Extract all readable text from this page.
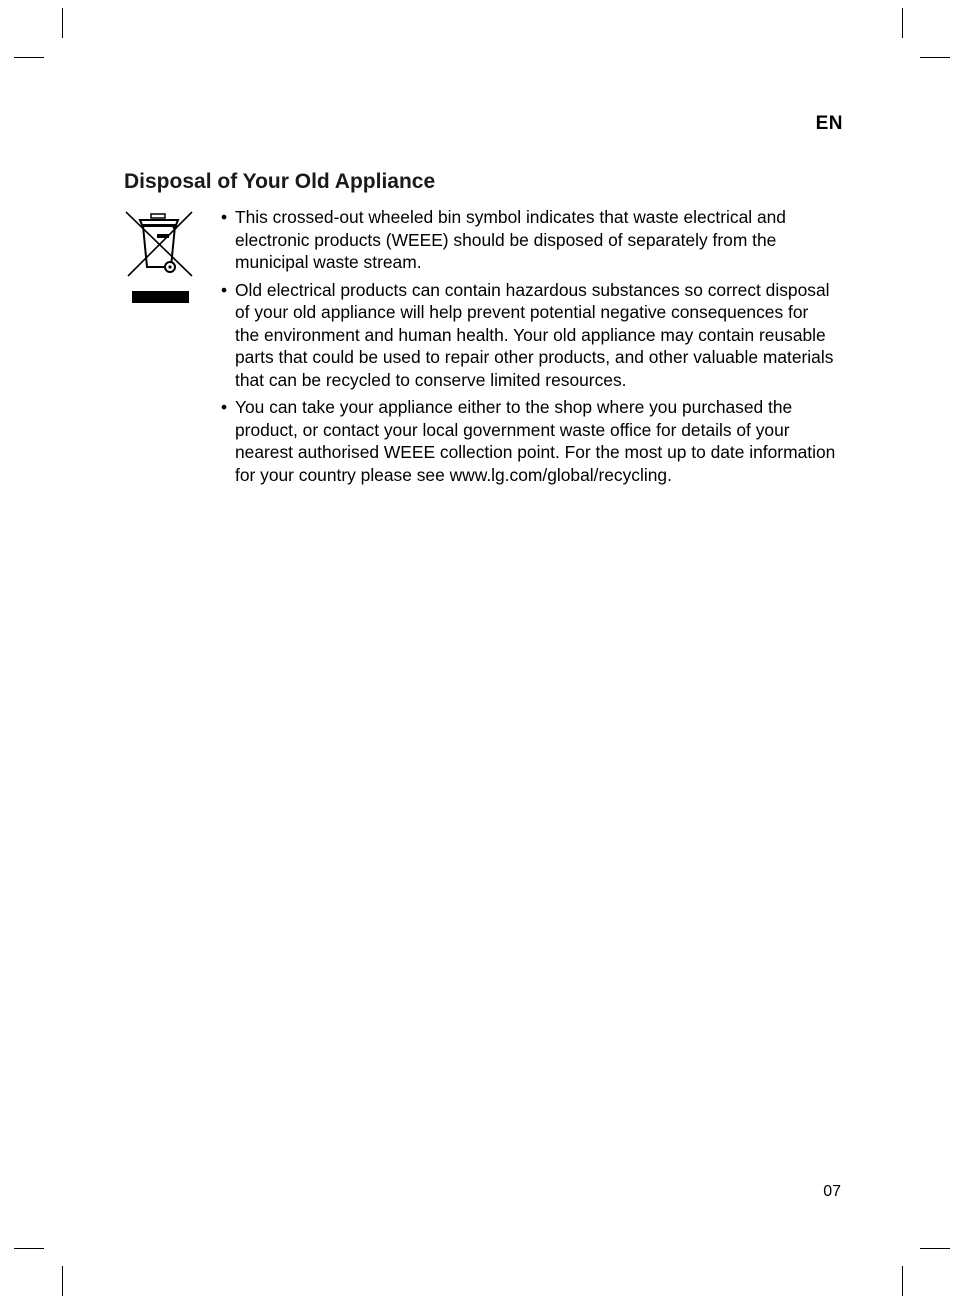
EN
Disposal of Your Old Appliance
• This crossed-out wheeled bin symbol indicates that waste electrical and electronic products (WEEE) should be disposed of separately from the municipal waste stream.
• Old electrical products can contain hazardous substances so correct disposal of your old appliance will help prevent potential negative consequences for the environment and human health. Your old appliance may contain reusable parts that could be used to repair other products, and other valuable materials that can be recycled to conserve limited resources.
• You can take your appliance either to the shop where you purchased the product, or contact your local government waste office for details of your nearest authorised WEEE collection point. For the most up to date information for your country please see www.lg.com/global/recycling.
07
